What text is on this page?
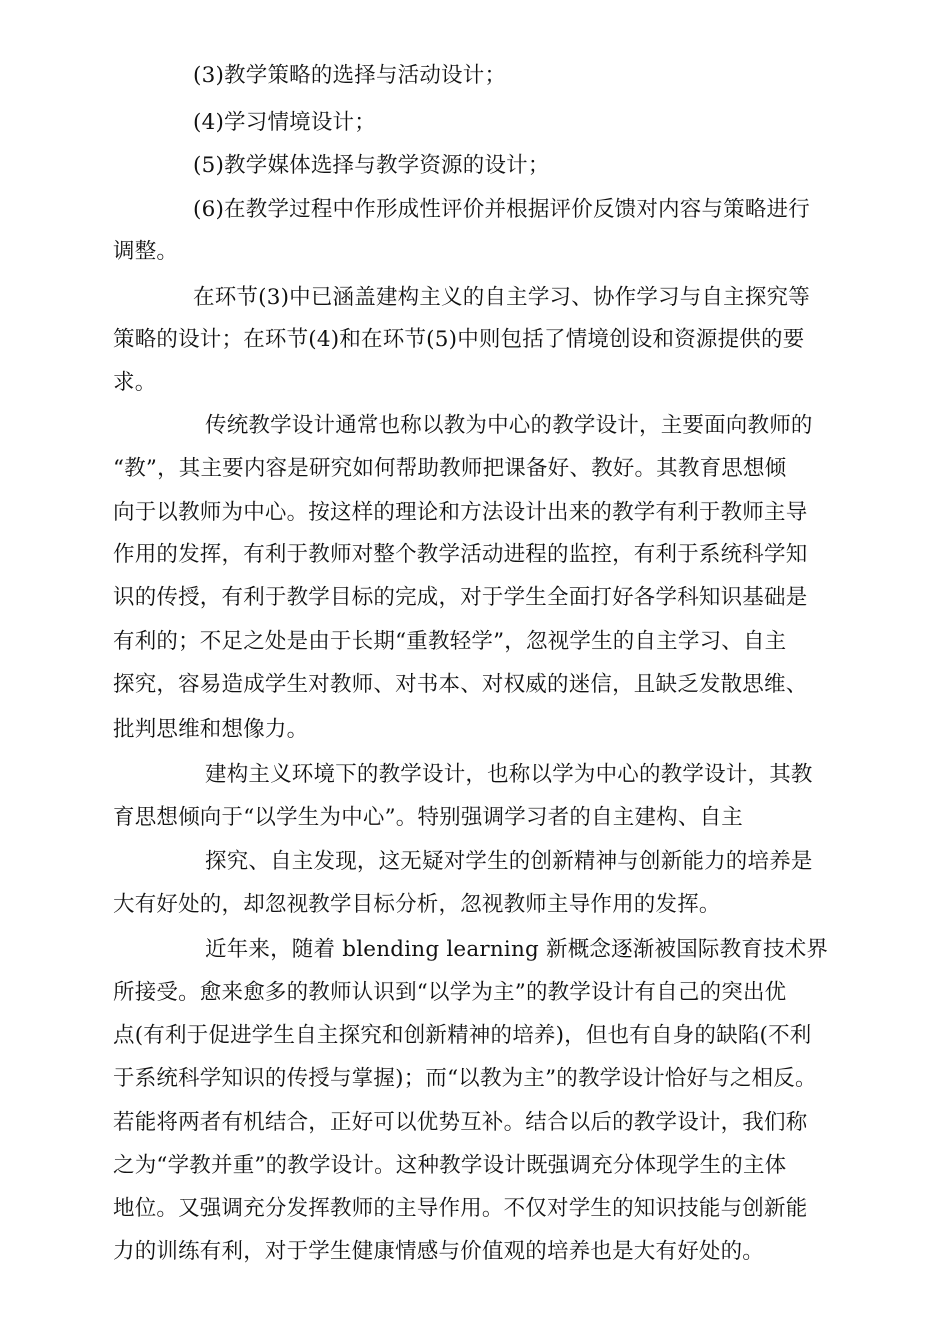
(3)教学策略的选择与活动设计；
(4)学习情境设计；
(5)教学媒体选择与教学资源的设计；
(6)在教学过程中作形成性评价并根据评价反馈对内容与策略进行
调整。
在环节(3)中已涵盖建构主义的自主学习、协作学习与自主探究等
策略的设计；在环节(4)和在环节(5)中则包括了情境创设和资源提供的要
求。
传统教学设计通常也称以教为中心的教学设计，主要面向教师的
“教”，其主要内容是研究如何帮助教师把课备好、教好。其教育思想倾
向于以教师为中心。按这样的理论和方法设计出来的教学有利于教师主导
作用的发挥，有利于教师对整个教学活动进程的监控，有利于系统科学知
识的传授，有利于教学目标的完成，对于学生全面打好各学科知识基础是
有利的；不足之处是由于长期“重教轻学”，忽视学生的自主学习、自主
探究，容易造成学生对教师、对书本、对权威的迷信，且缺乏发散思维、
批判思维和想像力。
建构主义环境下的教学设计，也称以学为中心的教学设计，其教
育思想倾向于“以学生为中心”。特别强调学习者的自主建构、自主
探究、自主发现，这无疑对学生的创新精神与创新能力的培养是
大有好处的，却忽视教学目标分析，忽视教师主导作用的发挥。
近年来，随着 blending learning 新概念逐渐被国际教育技术界
所接受。愈来愈多的教师认识到“以学为主”的教学设计有自己的突出优
点(有利于促进学生自主探究和创新精神的培养)，但也有自身的缺陷(不利
于系统科学知识的传授与掌握)；而“以教为主”的教学设计恰好与之相反。
若能将两者有机结合，正好可以优势互补。结合以后的教学设计，我们称
之为“学教并重”的教学设计。这种教学设计既强调充分体现学生的主体
地位。又强调充分发挥教师的主导作用。不仅对学生的知识技能与创新能
力的训练有利，对于学生健康情感与价值观的培养也是大有好处的。
